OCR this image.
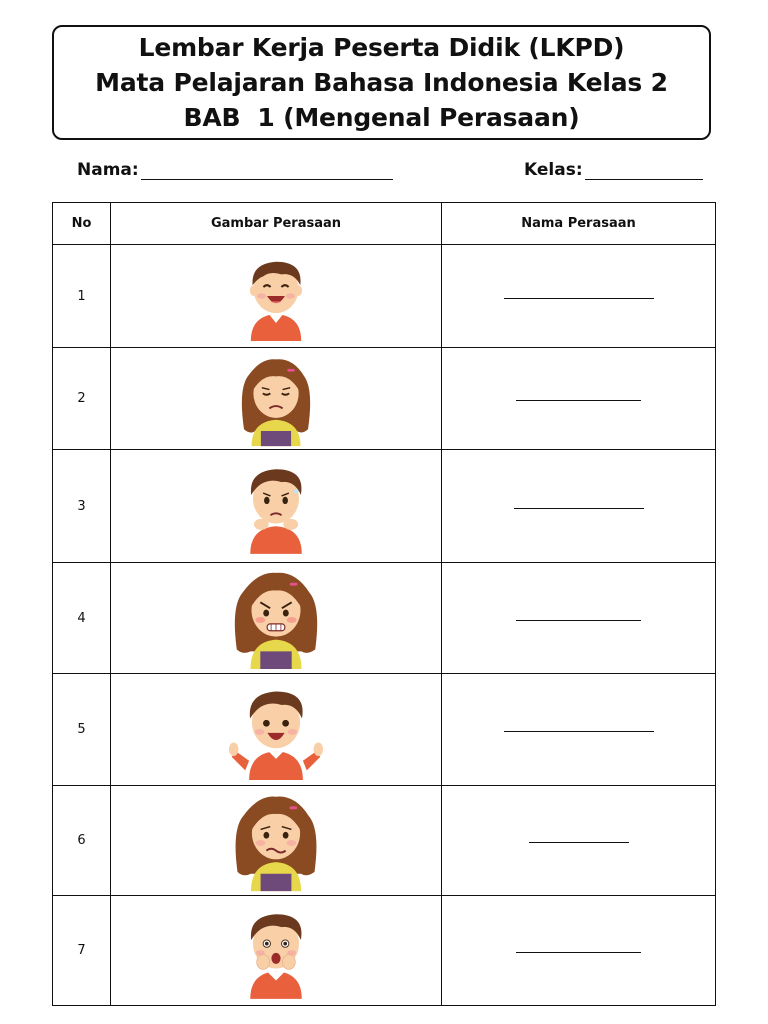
Lembar Kerja Peserta Didik (LKPD)
Mata Pelajaran Bahasa Indonesia Kelas 2
BAB  1 (Mengenal Perasaan)
Nama:	Kelas:
No	Gambar Perasaan	Nama Perasaan
1	

2	

3	

4	

5	

6	

7	
